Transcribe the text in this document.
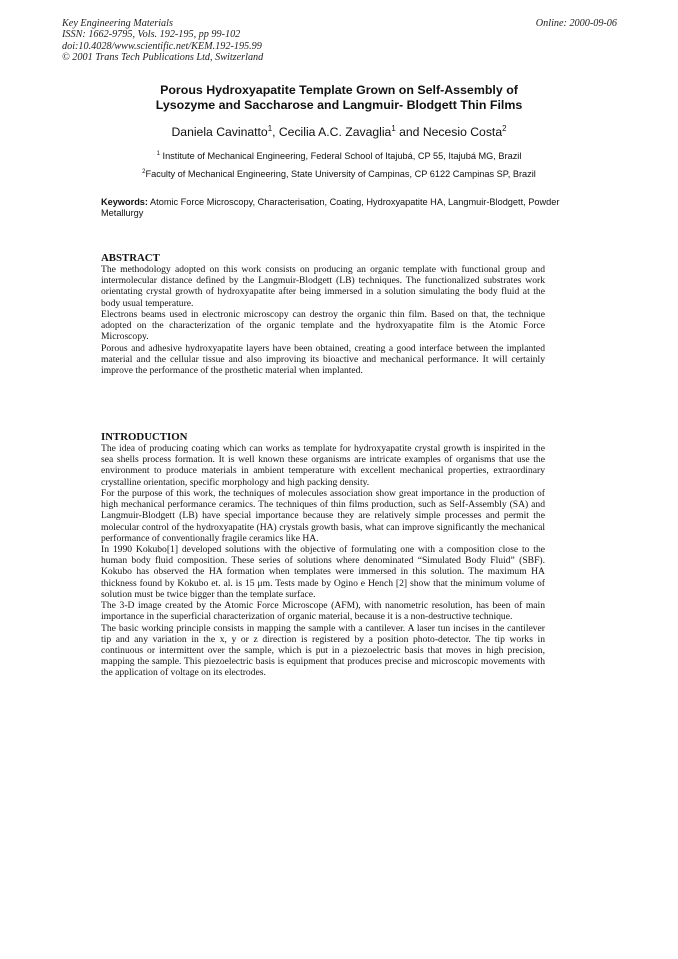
Key Engineering Materials
ISSN: 1662-9795, Vols. 192-195, pp 99-102
doi:10.4028/www.scientific.net/KEM.192-195.99
© 2001 Trans Tech Publications Ltd, Switzerland
Online: 2000-09-06
Porous Hydroxyapatite Template Grown on Self-Assembly of
Lysozyme and Saccharose and Langmuir- Blodgett Thin Films
Daniela Cavinatto$^1$, Cecilia A.C. Zavaglia$^1$ and Necesio Costa$^2$
$^1$ Institute of Mechanical Engineering, Federal School of Itajubá, CP 55, Itajubá MG, Brazil
$^2$Faculty of Mechanical Engineering, State University of Campinas, CP 6122 Campinas SP, Brazil
Keywords: Atomic Force Microscopy, Characterisation, Coating, Hydroxyapatite HA, Langmuir-Blodgett, Powder Metallurgy
ABSTRACT

The methodology adopted on this work consists on producing an organic template with functional group and intermolecular distance defined by the Langmuir-Blodgett (LB) techniques. The functionalized substrates work orientating crystal growth of hydroxyapatite after being immersed in a solution simulating the body fluid at the body usual temperature.

Electrons beams used in electronic microscopy can destroy the organic thin film. Based on that, the technique adopted on the characterization of the organic template and the hydroxyapatite film is the Atomic Force Microscopy.

Porous and adhesive hydroxyapatite layers have been obtained, creating a good interface between the implanted material and the cellular tissue and also improving its bioactive and mechanical performance. It will certainly improve the performance of the prosthetic material when implanted.

INTRODUCTION

The idea of producing coating which can works as template for hydroxyapatite crystal growth is inspirited in the sea shells process formation. It is well known these organisms are intricate examples of organisms that use the environment to produce materials in ambient temperature with excellent mechanical properties, extraordinary crystalline orientation, specific morphology and high packing density.

For the purpose of this work, the techniques of molecules association show great importance in the production of high mechanical performance ceramics. The techniques of thin films production, such as Self-Assembly (SA) and Langmuir-Blodgett (LB) have special importance because they are relatively simple processes and permit the molecular control of the hydroxyapatite (HA) crystals growth basis, what can improve significantly the mechanical performance of conventionally fragile ceramics like HA.

In 1990 Kokubo[1] developed solutions with the objective of formulating one with a composition close to the human body fluid composition. These series of solutions where denominated “Simulated Body Fluid” (SBF). Kokubo has observed the HA formation when templates were immersed in this solution. The maximum HA thickness found by Kokubo et. al. is 15 μm. Tests made by Ogino e Hench [2] show that the minimum volume of solution must be twice bigger than the template surface.

The 3-D image created by the Atomic Force Microscope (AFM), with nanometric resolution, has been of main importance in the superficial characterization of organic material, because it is a non-destructive technique.

The basic working principle consists in mapping the sample with a cantilever. A laser tun incises in the cantilever tip and any variation in the x, y or z direction is registered by a position photo-detector. The tip works in continuous or intermittent over the sample, which is put in a piezoelectric basis that moves in high precision, mapping the sample. This piezoelectric basis is equipment that produces precise and microscopic movements with the application of voltage on its electrodes.
